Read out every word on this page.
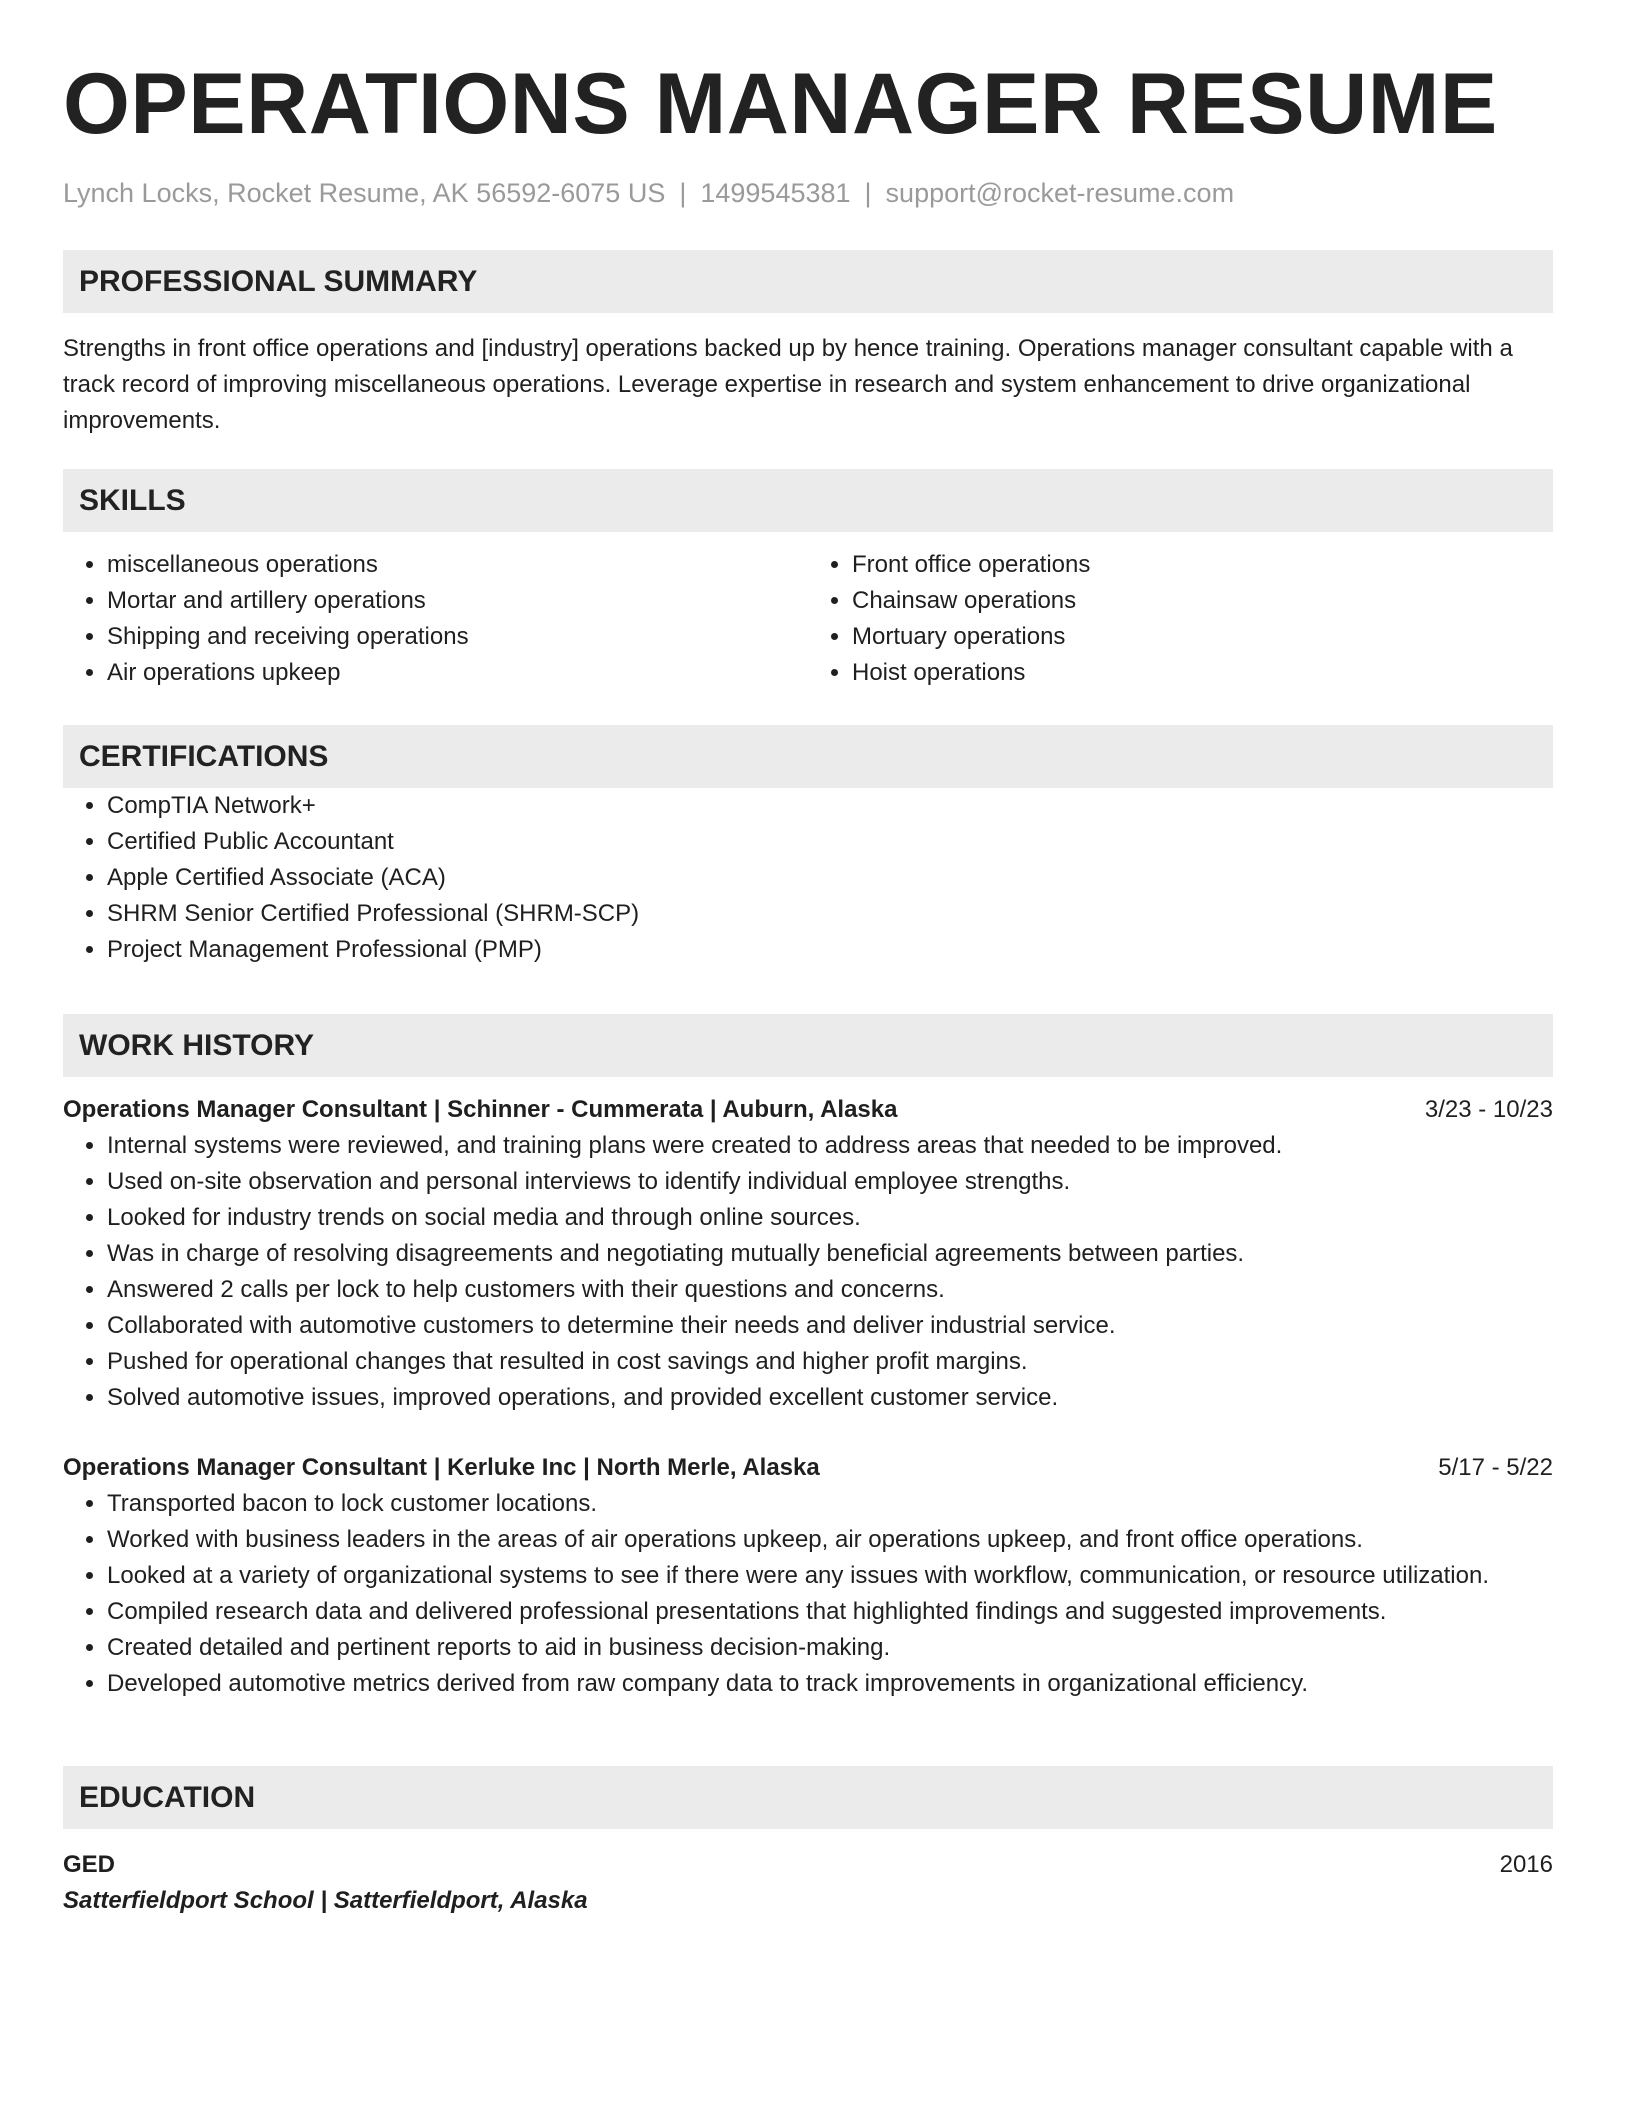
OPERATIONS MANAGER RESUME
Lynch Locks, Rocket Resume, AK 56592-6075 US | 1499545381 | support@rocket-resume.com
PROFESSIONAL SUMMARY

Strengths in front office operations and [industry] operations backed up by hence training. Operations manager consultant capable with a track record of improving miscellaneous operations. Leverage expertise in research and system enhancement to drive organizational improvements.

SKILLS
• miscellaneous operations
• Mortar and artillery operations
• Shipping and receiving operations
• Air operations upkeep
• Front office operations
• Chainsaw operations
• Mortuary operations
• Hoist operations
CERTIFICATIONS
• CompTIA Network+
• Certified Public Accountant
• Apple Certified Associate (ACA)
• SHRM Senior Certified Professional (SHRM-SCP)
• Project Management Professional (PMP)
WORK HISTORY
Operations Manager Consultant | Schinner - Cummerata | Auburn, Alaska	3/23 - 10/23
• Internal systems were reviewed, and training plans were created to address areas that needed to be improved.
• Used on-site observation and personal interviews to identify individual employee strengths.
• Looked for industry trends on social media and through online sources.
• Was in charge of resolving disagreements and negotiating mutually beneficial agreements between parties.
• Answered 2 calls per lock to help customers with their questions and concerns.
• Collaborated with automotive customers to determine their needs and deliver industrial service.
• Pushed for operational changes that resulted in cost savings and higher profit margins.
• Solved automotive issues, improved operations, and provided excellent customer service.
Operations Manager Consultant | Kerluke Inc | North Merle, Alaska	5/17 - 5/22
• Transported bacon to lock customer locations.
• Worked with business leaders in the areas of air operations upkeep, air operations upkeep, and front office operations.
• Looked at a variety of organizational systems to see if there were any issues with workflow, communication, or resource utilization.
• Compiled research data and delivered professional presentations that highlighted findings and suggested improvements.
• Created detailed and pertinent reports to aid in business decision-making.
• Developed automotive metrics derived from raw company data to track improvements in organizational efficiency.
EDUCATION
GED	2016
Satterfieldport School | Satterfieldport, Alaska
